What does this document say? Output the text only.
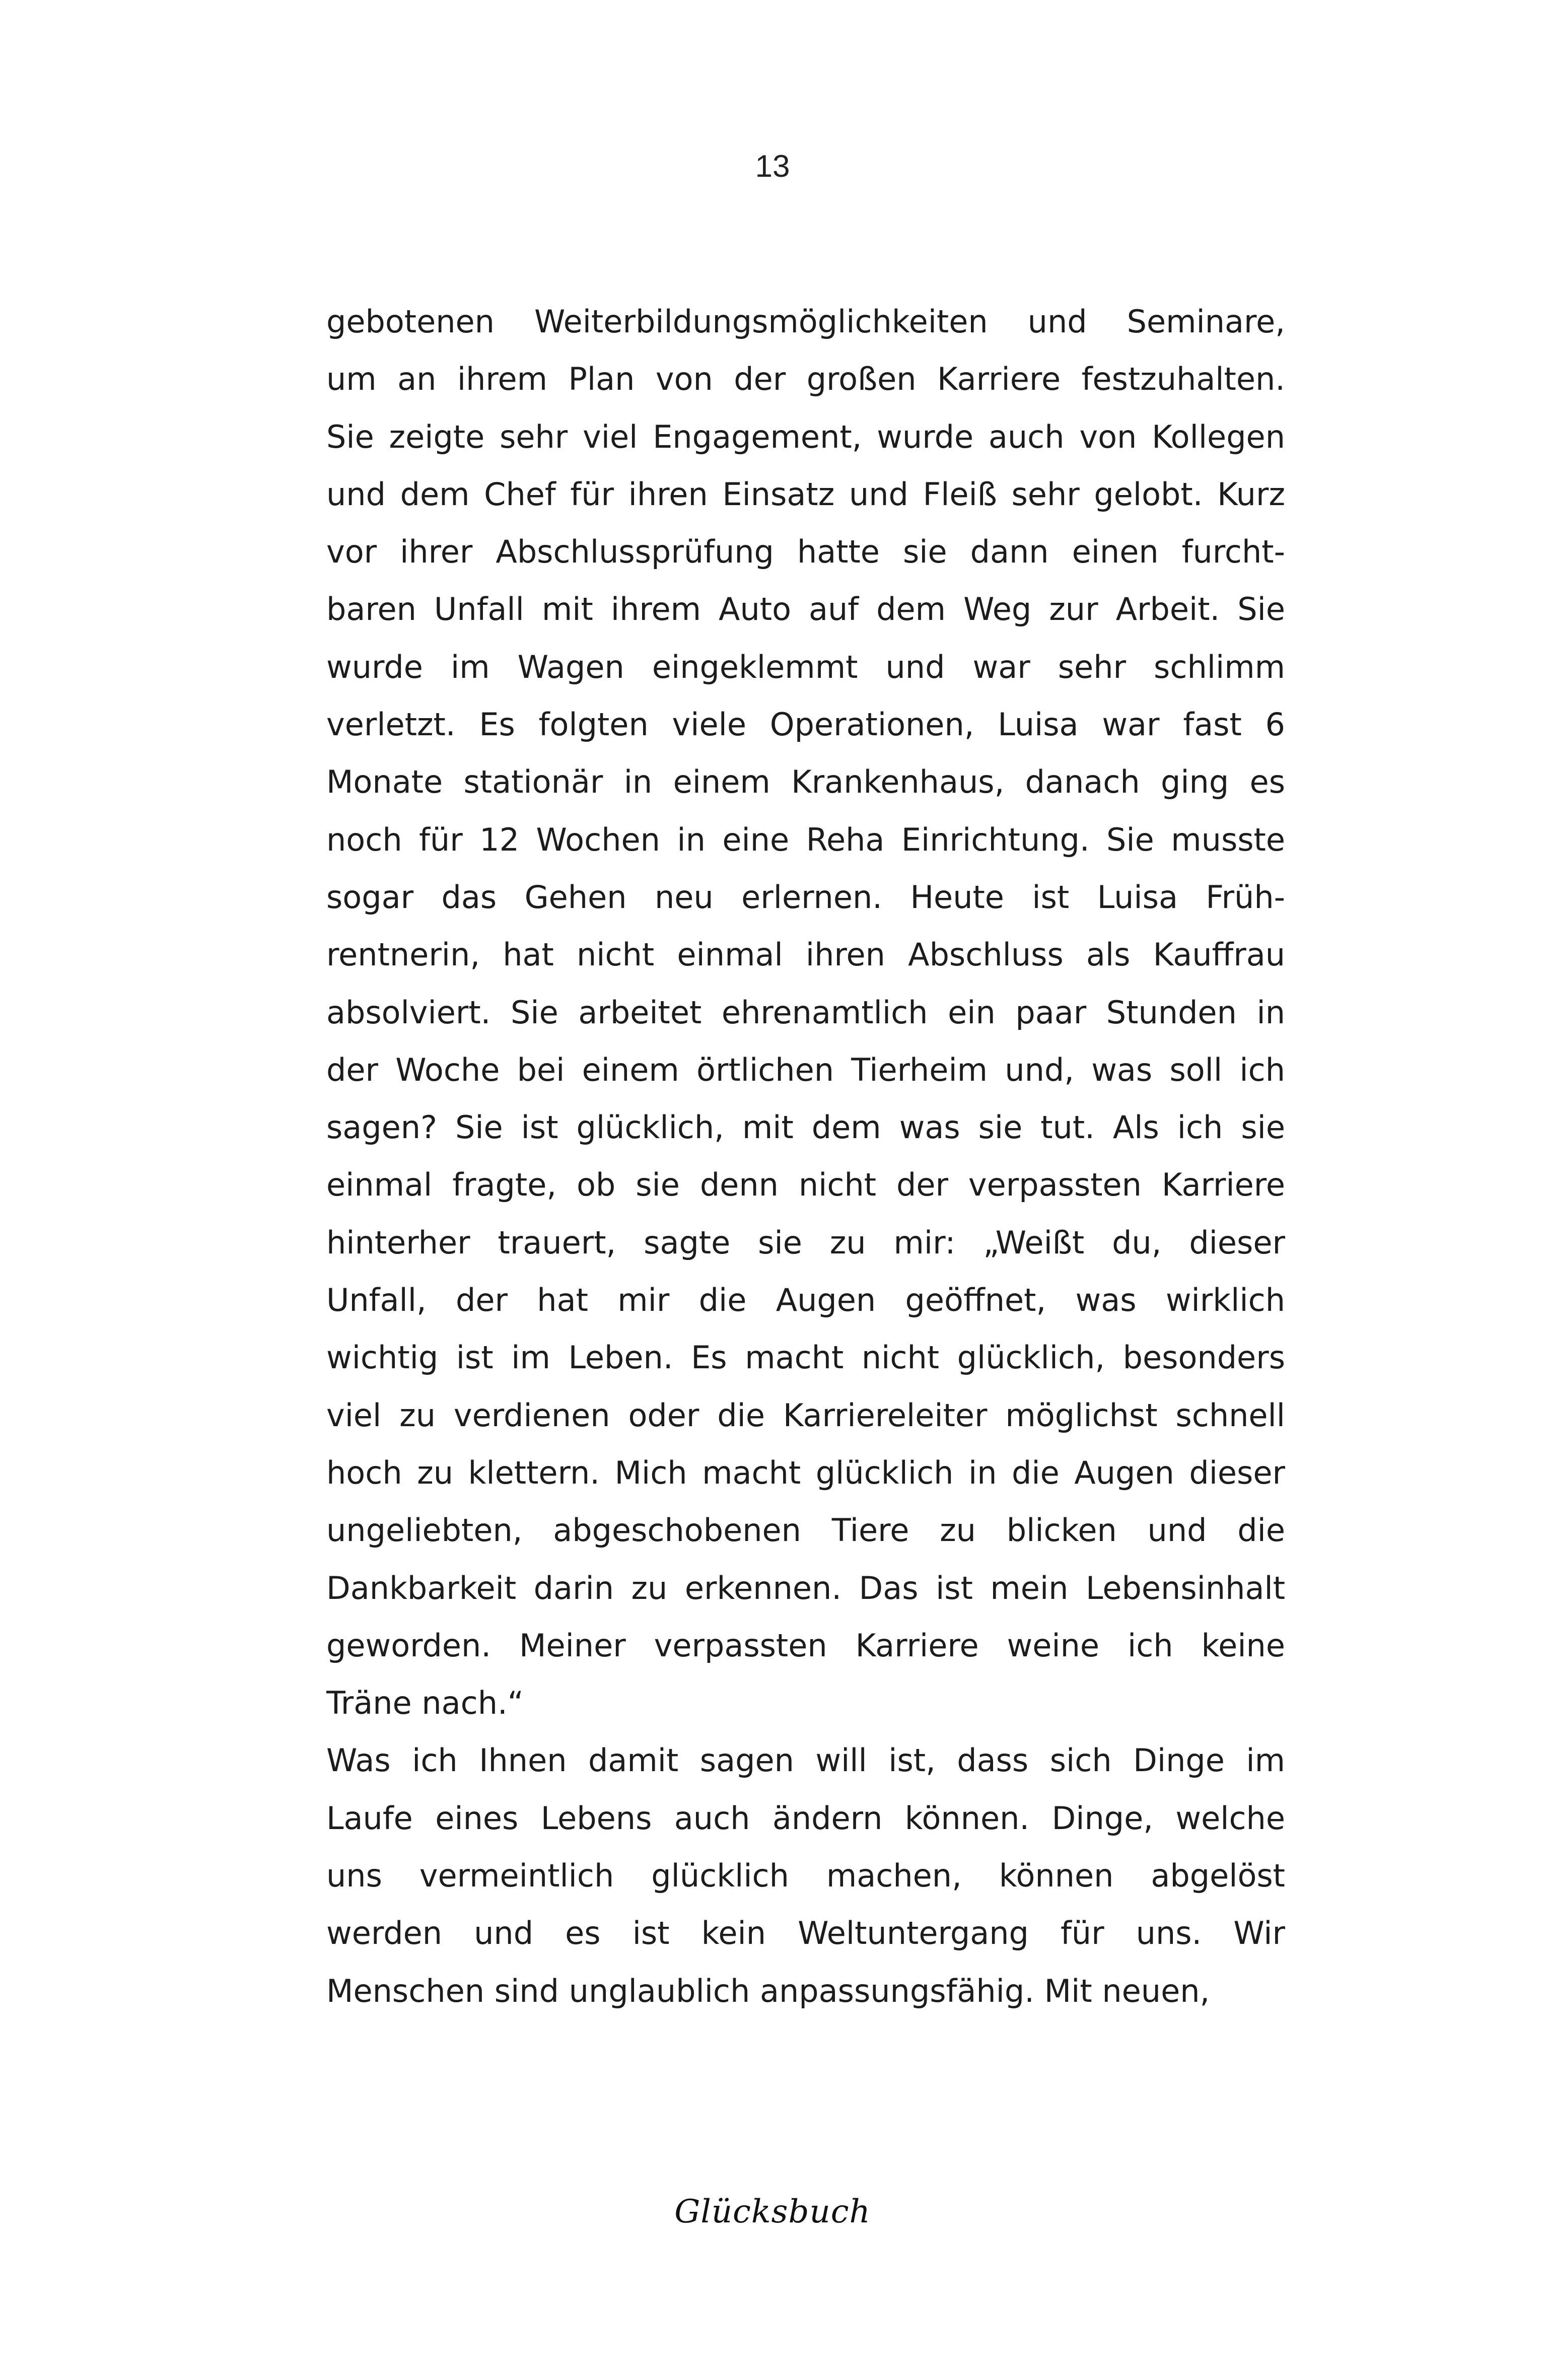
13
gebotenen Weiterbildungsmöglichkeiten und Seminare,
um an ihrem Plan von der großen Karriere festzuhalten.
Sie zeigte sehr viel Engagement, wurde auch von Kollegen
und dem Chef für ihren Einsatz und Fleiß sehr gelobt. Kurz
vor ihrer Abschlussprüfung hatte sie dann einen furcht-
baren Unfall mit ihrem Auto auf dem Weg zur Arbeit. Sie
wurde im Wagen eingeklemmt und war sehr schlimm
verletzt. Es folgten viele Operationen, Luisa war fast 6
Monate stationär in einem Krankenhaus, danach ging es
noch für 12 Wochen in eine Reha Einrichtung. Sie musste
sogar das Gehen neu erlernen. Heute ist Luisa Früh-
rentnerin, hat nicht einmal ihren Abschluss als Kauffrau
absolviert. Sie arbeitet ehrenamtlich ein paar Stunden in
der Woche bei einem örtlichen Tierheim und, was soll ich
sagen? Sie ist glücklich, mit dem was sie tut. Als ich sie
einmal fragte, ob sie denn nicht der verpassten Karriere
hinterher trauert, sagte sie zu mir: „Weißt du, dieser
Unfall, der hat mir die Augen geöffnet, was wirklich
wichtig ist im Leben. Es macht nicht glücklich, besonders
viel zu verdienen oder die Karriereleiter möglichst schnell
hoch zu klettern. Mich macht glücklich in die Augen dieser
ungeliebten, abgeschobenen Tiere zu blicken und die
Dankbarkeit darin zu erkennen. Das ist mein Lebensinhalt
geworden. Meiner verpassten Karriere weine ich keine
Träne nach.“
Was ich Ihnen damit sagen will ist, dass sich Dinge im
Laufe eines Lebens auch ändern können. Dinge, welche
uns vermeintlich glücklich machen, können abgelöst
werden und es ist kein Weltuntergang für uns. Wir
Menschen sind unglaublich anpassungsfähig. Mit neuen,
Glücksbuch
